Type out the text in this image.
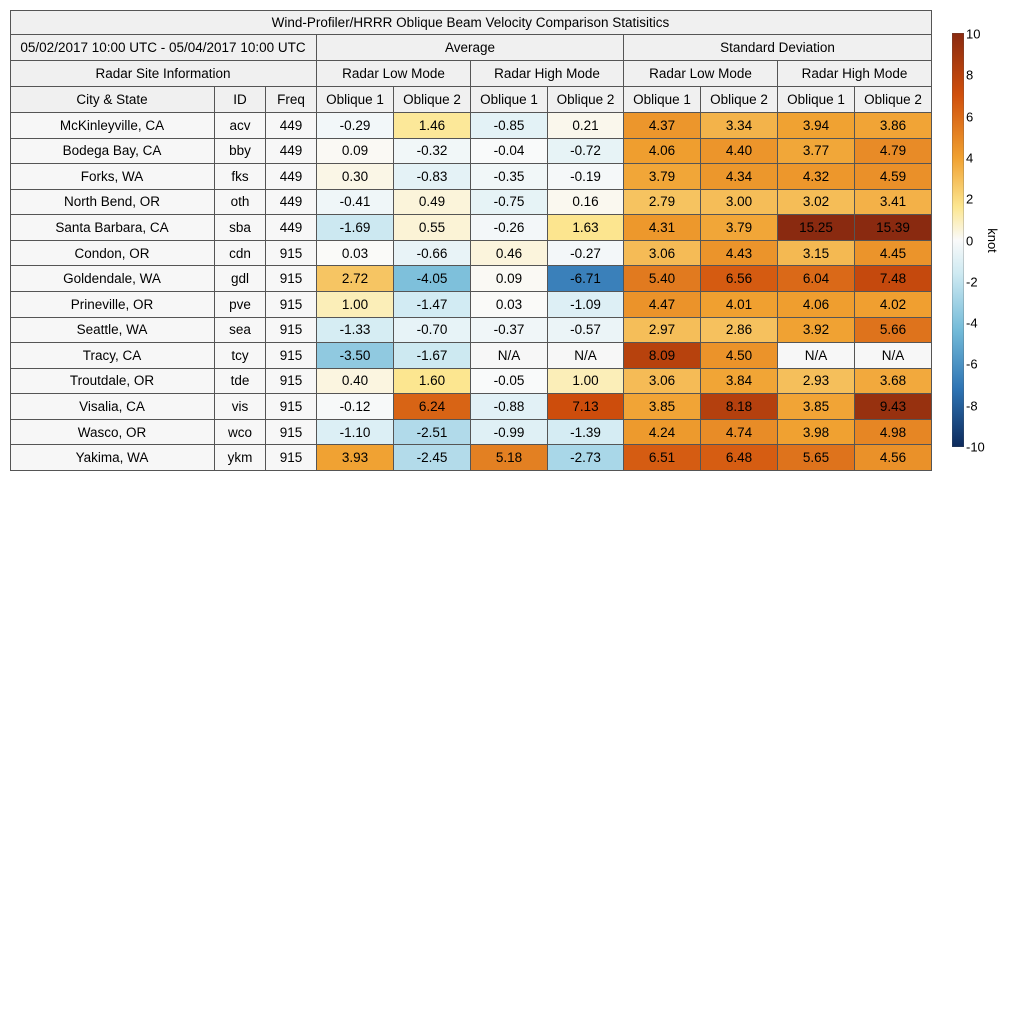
Wind-Profiler/HRRR Oblique Beam Velocity Comparison Statisitics
05/02/2017 10:00 UTC - 05/04/2017 10:00 UTC	Average	Standard Deviation
Radar Site Information	Radar Low Mode	Radar High Mode	Radar Low Mode	Radar High Mode
City & State	ID	Freq	Oblique 1	Oblique 2	Oblique 1	Oblique 2	Oblique 1	Oblique 2	Oblique 1	Oblique 2
McKinleyville, CA	acv	449	-0.29	1.46	-0.85	0.21	4.37	3.34	3.94	3.86
Bodega Bay, CA	bby	449	0.09	-0.32	-0.04	-0.72	4.06	4.40	3.77	4.79
Forks, WA	fks	449	0.30	-0.83	-0.35	-0.19	3.79	4.34	4.32	4.59
North Bend, OR	oth	449	-0.41	0.49	-0.75	0.16	2.79	3.00	3.02	3.41
Santa Barbara, CA	sba	449	-1.69	0.55	-0.26	1.63	4.31	3.79	15.25	15.39
Condon, OR	cdn	915	0.03	-0.66	0.46	-0.27	3.06	4.43	3.15	4.45
Goldendale, WA	gdl	915	2.72	-4.05	0.09	-6.71	5.40	6.56	6.04	7.48
Prineville, OR	pve	915	1.00	-1.47	0.03	-1.09	4.47	4.01	4.06	4.02
Seattle, WA	sea	915	-1.33	-0.70	-0.37	-0.57	2.97	2.86	3.92	5.66
Tracy, CA	tcy	915	-3.50	-1.67	N/A	N/A	8.09	4.50	N/A	N/A
Troutdale, OR	tde	915	0.40	1.60	-0.05	1.00	3.06	3.84	2.93	3.68
Visalia, CA	vis	915	-0.12	6.24	-0.88	7.13	3.85	8.18	3.85	9.43
Wasco, OR	wco	915	-1.10	-2.51	-0.99	-1.39	4.24	4.74	3.98	4.98
Yakima, WA	ykm	915	3.93	-2.45	5.18	-2.73	6.51	6.48	5.65	4.56
10
8
6
4
2
0
-2
-4
-6
-8
-10
knot
